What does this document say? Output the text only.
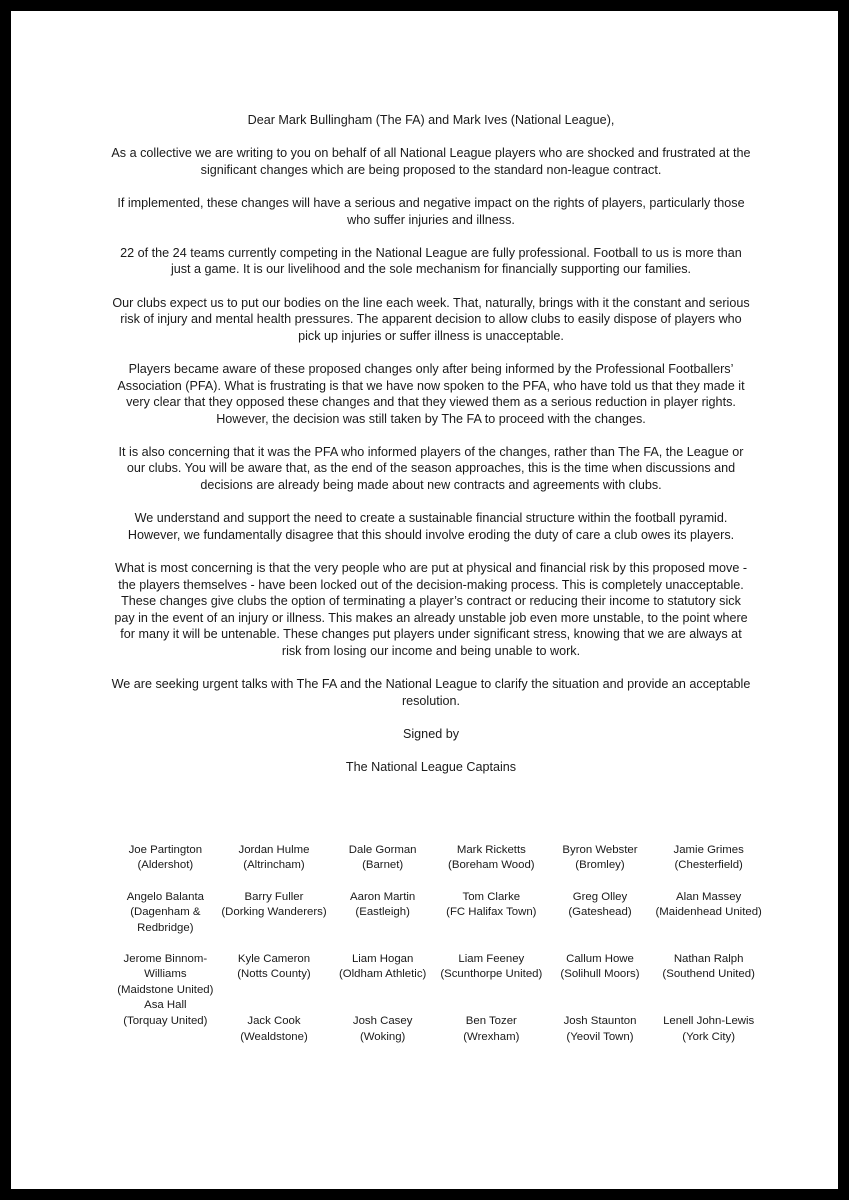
Dear Mark Bullingham (The FA) and Mark Ives (National League),

As a collective we are writing to you on behalf of all National League players who are shocked and frustrated at the significant changes which are being proposed to the standard non-league contract.

If implemented, these changes will have a serious and negative impact on the rights of players, particularly those who suffer injuries and illness.

22 of the 24 teams currently competing in the National League are fully professional. Football to us is more than just a game. It is our livelihood and the sole mechanism for financially supporting our families.

Our clubs expect us to put our bodies on the line each week. That, naturally, brings with it the constant and serious risk of injury and mental health pressures. The apparent decision to allow clubs to easily dispose of players who pick up injuries or suffer illness is unacceptable.

Players became aware of these proposed changes only after being informed by the Professional Footballers’ Association (PFA). What is frustrating is that we have now spoken to the PFA, who have told us that they made it very clear that they opposed these changes and that they viewed them as a serious reduction in player rights. However, the decision was still taken by The FA to proceed with the changes.

It is also concerning that it was the PFA who informed players of the changes, rather than The FA, the League or our clubs. You will be aware that, as the end of the season approaches, this is the time when discussions and decisions are already being made about new contracts and agreements with clubs.

We understand and support the need to create a sustainable financial structure within the football pyramid. However, we fundamentally disagree that this should involve eroding the duty of care a club owes its players.

What is most concerning is that the very people who are put at physical and financial risk by this proposed move - the players themselves - have been locked out of the decision-making process. This is completely unacceptable. These changes give clubs the option of terminating a player’s contract or reducing their income to statutory sick pay in the event of an injury or illness. This makes an already unstable job even more unstable, to the point where for many it will be untenable. These changes put players under significant stress, knowing that we are always at risk from losing our income and being unable to work.

We are seeking urgent talks with The FA and the National League to clarify the situation and provide an acceptable resolution.

Signed by

The National League Captains

Joe Partington
(Aldershot)
Jordan Hulme
(Altrincham)
Dale Gorman
(Barnet)
Mark Ricketts
(Boreham Wood)
Byron Webster
(Bromley)
Jamie Grimes
(Chesterfield)
Angelo Balanta
(Dagenham & Redbridge)
Barry Fuller
(Dorking Wanderers)
Aaron Martin
(Eastleigh)
Tom Clarke
(FC Halifax Town)
Greg Olley
(Gateshead)
Alan Massey
(Maidenhead United)
Jerome Binnom-Williams
(Maidstone United)
Kyle Cameron
(Notts County)
Liam Hogan
(Oldham Athletic)
Liam Feeney
(Scunthorpe United)
Callum Howe
(Solihull Moors)
Nathan Ralph
(Southend United)
Asa Hall
(Torquay United)	Jack Cook
(Wealdstone)
Josh Casey
(Woking)
Ben Tozer
(Wrexham)
Josh Staunton
(Yeovil Town)
Lenell John-Lewis
(York City)
